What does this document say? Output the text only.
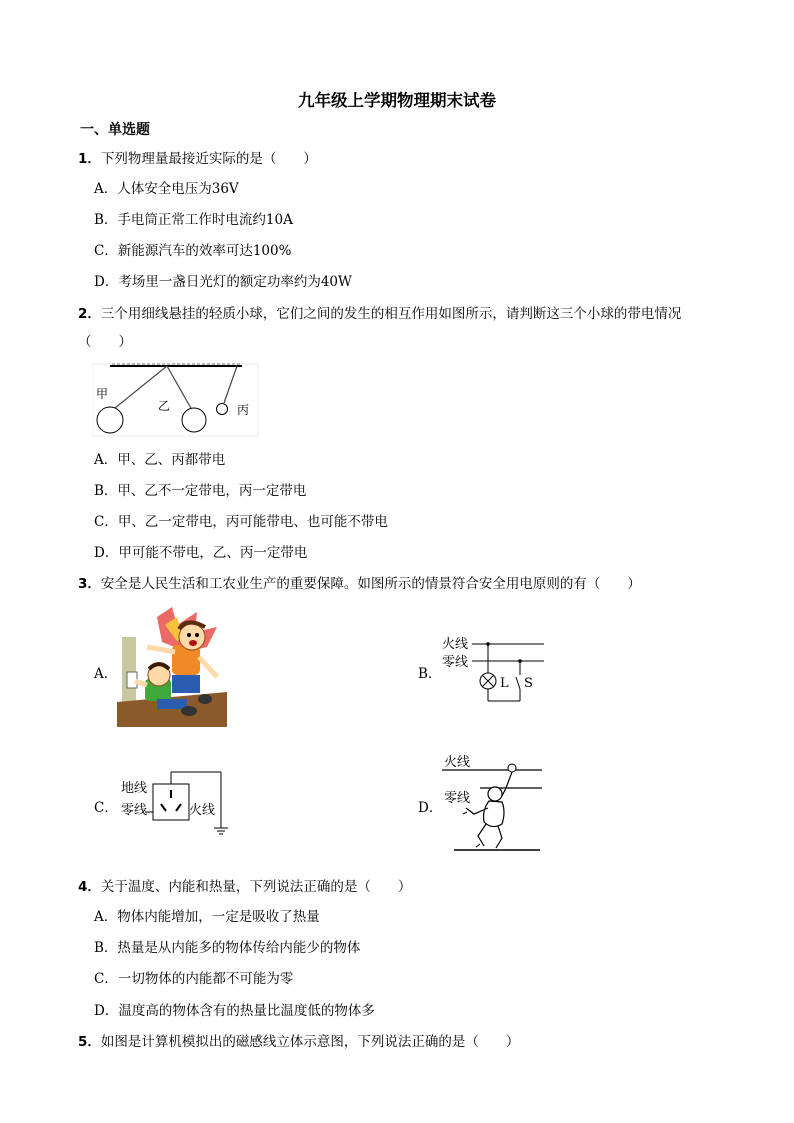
九年级上学期物理期末试卷
一、单选题
1．下列物理量最接近实际的是（　　）
A．人体安全电压为36V
B．手电筒正常工作时电流约10A
C．新能源汽车的效率可达100%
D．考场里一盏日光灯的额定功率约为40W
2．三个用细线悬挂的轻质小球，它们之间的发生的相互作用如图所示，请判断这三个小球的带电情况
（　　）
甲
乙	丙
A．甲、乙、丙都带电
B．甲、乙不一定带电，丙一定带电
C．甲、乙一定带电，丙可能带电、也可能不带电
D．甲可能不带电，乙、丙一定带电
3．安全是人民生活和工农业生产的重要保障。如图所示的情景符合安全用电原则的有（　　）
A．	B．
火线
零线
L S
C．
地线
零线	火线	D．
火线
零线
4．关于温度、内能和热量，下列说法正确的是（　　）
A．物体内能增加，一定是吸收了热量
B．热量是从内能多的物体传给内能少的物体
C．一切物体的内能都不可能为零
D．温度高的物体含有的热量比温度低的物体多
5．如图是计算机模拟出的磁感线立体示意图，下列说法正确的是（　　）
